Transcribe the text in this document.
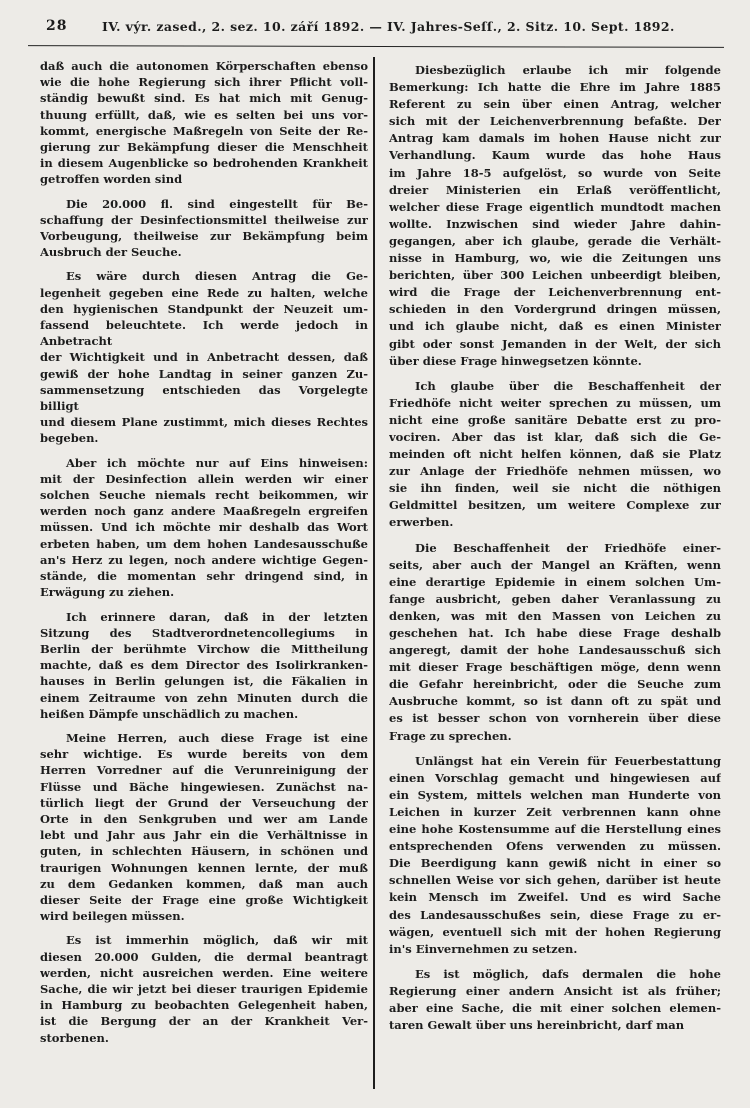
28	IV. výr. zased., 2. sez. 10. září 1892. — IV. Jahres-Seſſ., 2. Sitz. 10. Sept. 1892.
daß auch die autonomen Körperschaften ebenso
wie die hohe Regierung sich ihrer Pflicht voll-
ständig bewußt sind. Es hat mich mit Genug-
thuung erfüllt, daß, wie es selten bei uns vor-
kommt, energische Maßregeln von Seite der Re-
gierung zur Bekämpfung dieser die Menschheit
in diesem Augenblicke so bedrohenden Krankheit
getroffen worden sind
Die 20.000 fl. sind eingestellt für Be-
schaffung der Desinfectionsmittel theilweise zur
Vorbeugung, theilweise zur Bekämpfung beim
Ausbruch der Seuche.
Es wäre durch diesen Antrag die Ge-
legenheit gegeben eine Rede zu halten, welche
den hygienischen Standpunkt der Neuzeit um-
fassend beleuchtete. Ich werde jedoch in Anbetracht
der Wichtigkeit und in Anbetracht dessen, daß
gewiß der hohe Landtag in seiner ganzen Zu-
sammensetzung entschieden das Vorgelegte billigt
und diesem Plane zustimmt, mich dieses Rechtes
begeben.
Aber ich möchte nur auf Eins hinweisen:
mit der Desinfection allein werden wir einer
solchen Seuche niemals recht beikommen, wir
werden noch ganz andere Maaßregeln ergreifen
müssen. Und ich möchte mir deshalb das Wort
erbeten haben, um dem hohen Landesausschuße
an's Herz zu legen, noch andere wichtige Gegen-
stände, die momentan sehr dringend sind, in
Erwägung zu ziehen.
Ich erinnere daran, daß in der letzten
Sitzung des Stadtverordnetencollegiums in
Berlin der berühmte Virchow die Mittheilung
machte, daß es dem Director des Isolirkranken-
hauses in Berlin gelungen ist, die Fäkalien in
einem Zeitraume von zehn Minuten durch die
heißen Dämpfe unschädlich zu machen.
Meine Herren, auch diese Frage ist eine
sehr wichtige. Es wurde bereits von dem
Herren Vorredner auf die Verunreinigung der
Flüsse und Bäche hingewiesen. Zunächst na-
türlich liegt der Grund der Verseuchung der
Orte in den Senkgruben und wer am Lande
lebt und Jahr aus Jahr ein die Verhältnisse in
guten, in schlechten Häusern, in schönen und
traurigen Wohnungen kennen lernte, der muß
zu dem Gedanken kommen, daß man auch
dieser Seite der Frage eine große Wichtigkeit
wird beilegen müssen.
Es ist immerhin möglich, daß wir mit
diesen 20.000 Gulden, die dermal beantragt
werden, nicht ausreichen werden. Eine weitere
Sache, die wir jetzt bei dieser traurigen Epidemie
in Hamburg zu beobachten Gelegenheit haben,
ist die Bergung der an der Krankheit Ver-
storbenen.
Diesbezüglich erlaube ich mir folgende
Bemerkung: Ich hatte die Ehre im Jahre 1885
Referent zu sein über einen Antrag, welcher
sich mit der Leichenverbrennung befaßte. Der
Antrag kam damals im hohen Hause nicht zur
Verhandlung. Kaum wurde das hohe Haus
im Jahre 18-5 aufgelöst, so wurde von Seite
dreier Ministerien ein Erlaß veröffentlicht,
welcher diese Frage eigentlich mundtodt machen
wollte. Inzwischen sind wieder Jahre dahin-
gegangen, aber ich glaube, gerade die Verhält-
nisse in Hamburg, wo, wie die Zeitungen uns
berichten, über 300 Leichen unbeerdigt bleiben,
wird die Frage der Leichenverbrennung ent-
schieden in den Vordergrund dringen müssen,
und ich glaube nicht, daß es einen Minister
gibt oder sonst Jemanden in der Welt, der sich
über diese Frage hinwegsetzen könnte.
Ich glaube über die Beschaffenheit der
Friedhöfe nicht weiter sprechen zu müssen, um
nicht eine große sanitäre Debatte erst zu pro-
vociren. Aber das ist klar, daß sich die Ge-
meinden oft nicht helfen können, daß sie Platz
zur Anlage der Friedhöfe nehmen müssen, wo
sie ihn finden, weil sie nicht die nöthigen
Geldmittel besitzen, um weitere Complexe zur
erwerben.
Die Beschaffenheit der Friedhöfe einer-
seits, aber auch der Mangel an Kräften, wenn
eine derartige Epidemie in einem solchen Um-
fange ausbricht, geben daher Veranlassung zu
denken, was mit den Massen von Leichen zu
geschehen hat. Ich habe diese Frage deshalb
angeregt, damit der hohe Landesausschuß sich
mit dieser Frage beschäftigen möge, denn wenn
die Gefahr hereinbricht, oder die Seuche zum
Ausbruche kommt, so ist dann oft zu spät und
es ist besser schon von vornherein über diese
Frage zu sprechen.
Unlängst hat ein Verein für Feuerbestattung
einen Vorschlag gemacht und hingewiesen auf
ein System, mittels welchen man Hunderte von
Leichen in kurzer Zeit verbrennen kann ohne
eine hohe Kostensumme auf die Herstellung eines
entsprechenden Ofens verwenden zu müssen.
Die Beerdigung kann gewiß nicht in einer so
schnellen Weise vor sich gehen, darüber ist heute
kein Mensch im Zweifel. Und es wird Sache
des Landesausschußes sein, diese Frage zu er-
wägen, eventuell sich mit der hohen Regierung
in's Einvernehmen zu setzen.
Es ist möglich, dafs dermalen die hohe
Regierung einer andern Ansicht ist als früher;
aber eine Sache, die mit einer solchen elemen-
taren Gewalt über uns hereinbricht, darf man
